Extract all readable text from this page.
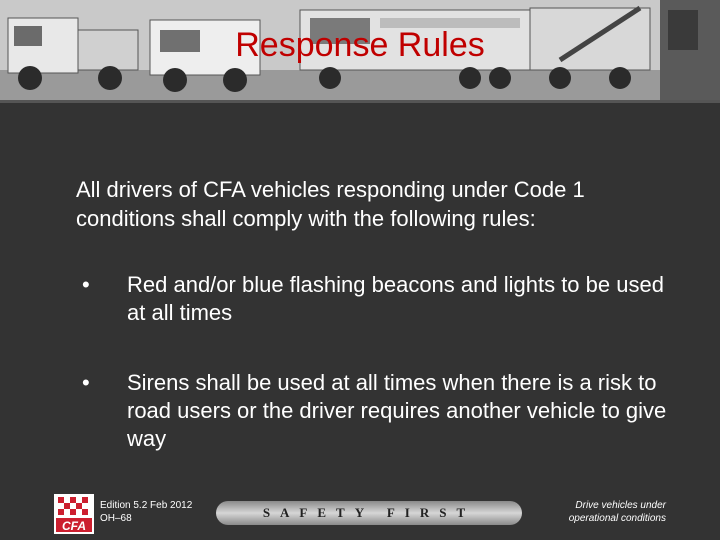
Response Rules
All drivers of CFA vehicles responding under Code 1 conditions shall comply with the following rules:
• Red and/or blue flashing beacons and lights to be used at all times
• Sirens shall be used at all times when there is a risk to road users or the driver requires another vehicle to give way
CFA
Edition 5.2 Feb 2012
OH–68	SAFETY FIRST	Drive vehicles under
operational conditions
